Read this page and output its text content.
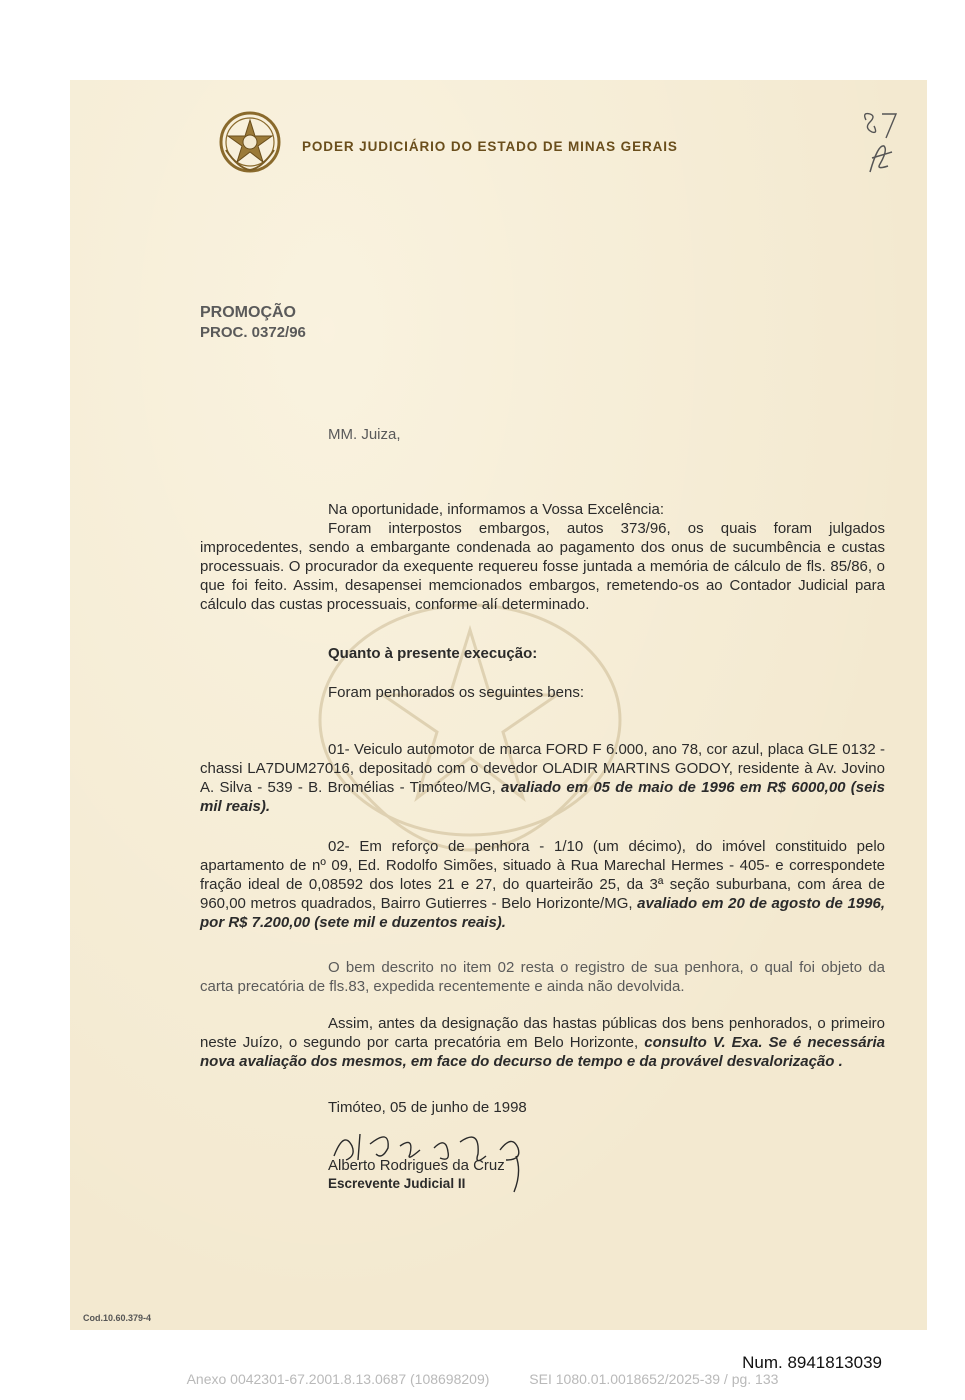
PODER JUDICIÁRIO DO ESTADO DE MINAS GERAIS
PROMOÇÃO
PROC. 0372/96
MM. Juiza,
Na oportunidade, informamos a Vossa Excelência:
Foram interpostos embargos, autos 373/96, os quais foram julgados improcedentes, sendo a embargante condenada ao pagamento dos onus de sucumbência e custas processuais. O procurador da exequente requereu fosse juntada a memória de cálculo de fls. 85/86, o que foi feito. Assim, desapensei memcionados embargos, remetendo-os ao Contador Judicial para cálculo das custas processuais, conforme alí determinado.
Quanto à presente execução:
Foram penhorados os seguintes bens:
01- Veiculo automotor de marca FORD F 6.000, ano 78, cor azul, placa GLE 0132 - chassi LA7DUM27016, depositado com o devedor OLADIR MARTINS GODOY, residente à Av. Jovino A. Silva - 539 - B. Bromélias - Timóteo/MG, avaliado em 05 de maio de 1996 em R$ 6000,00 (seis mil reais).
02- Em reforço de penhora - 1/10 (um décimo), do imóvel constituido pelo apartamento de nº 09, Ed. Rodolfo Simões, situado à Rua Marechal Hermes - 405- e correspondete fração ideal de 0,08592 dos lotes 21 e 27, do quarteirão 25, da 3ª seção suburbana, com área de 960,00 metros quadrados, Bairro Gutierres - Belo Horizonte/MG, avaliado em 20 de agosto de 1996, por R$ 7.200,00 (sete mil e duzentos reais).
O bem descrito no item 02 resta o registro de sua penhora, o qual foi objeto da carta precatória de fls.83, expedida recentemente e ainda não devolvida.
Assim, antes da designação das hastas públicas dos bens penhorados, o primeiro neste Juízo, o segundo por carta precatória em Belo Horizonte, consulto V. Exa. Se é necessária nova avaliação dos mesmos, em face do decurso de tempo e da provável desvalorização .
Timóteo, 05 de junho de 1998
Alberto Rodrigues da Cruz
Escrevente Judicial II
Cod.10.60.379-4
Num. 8941813039
Anexo 0042301-67.2001.8.13.0687 (108698209)	SEI 1080.01.0018652/2025-39 / pg. 133
